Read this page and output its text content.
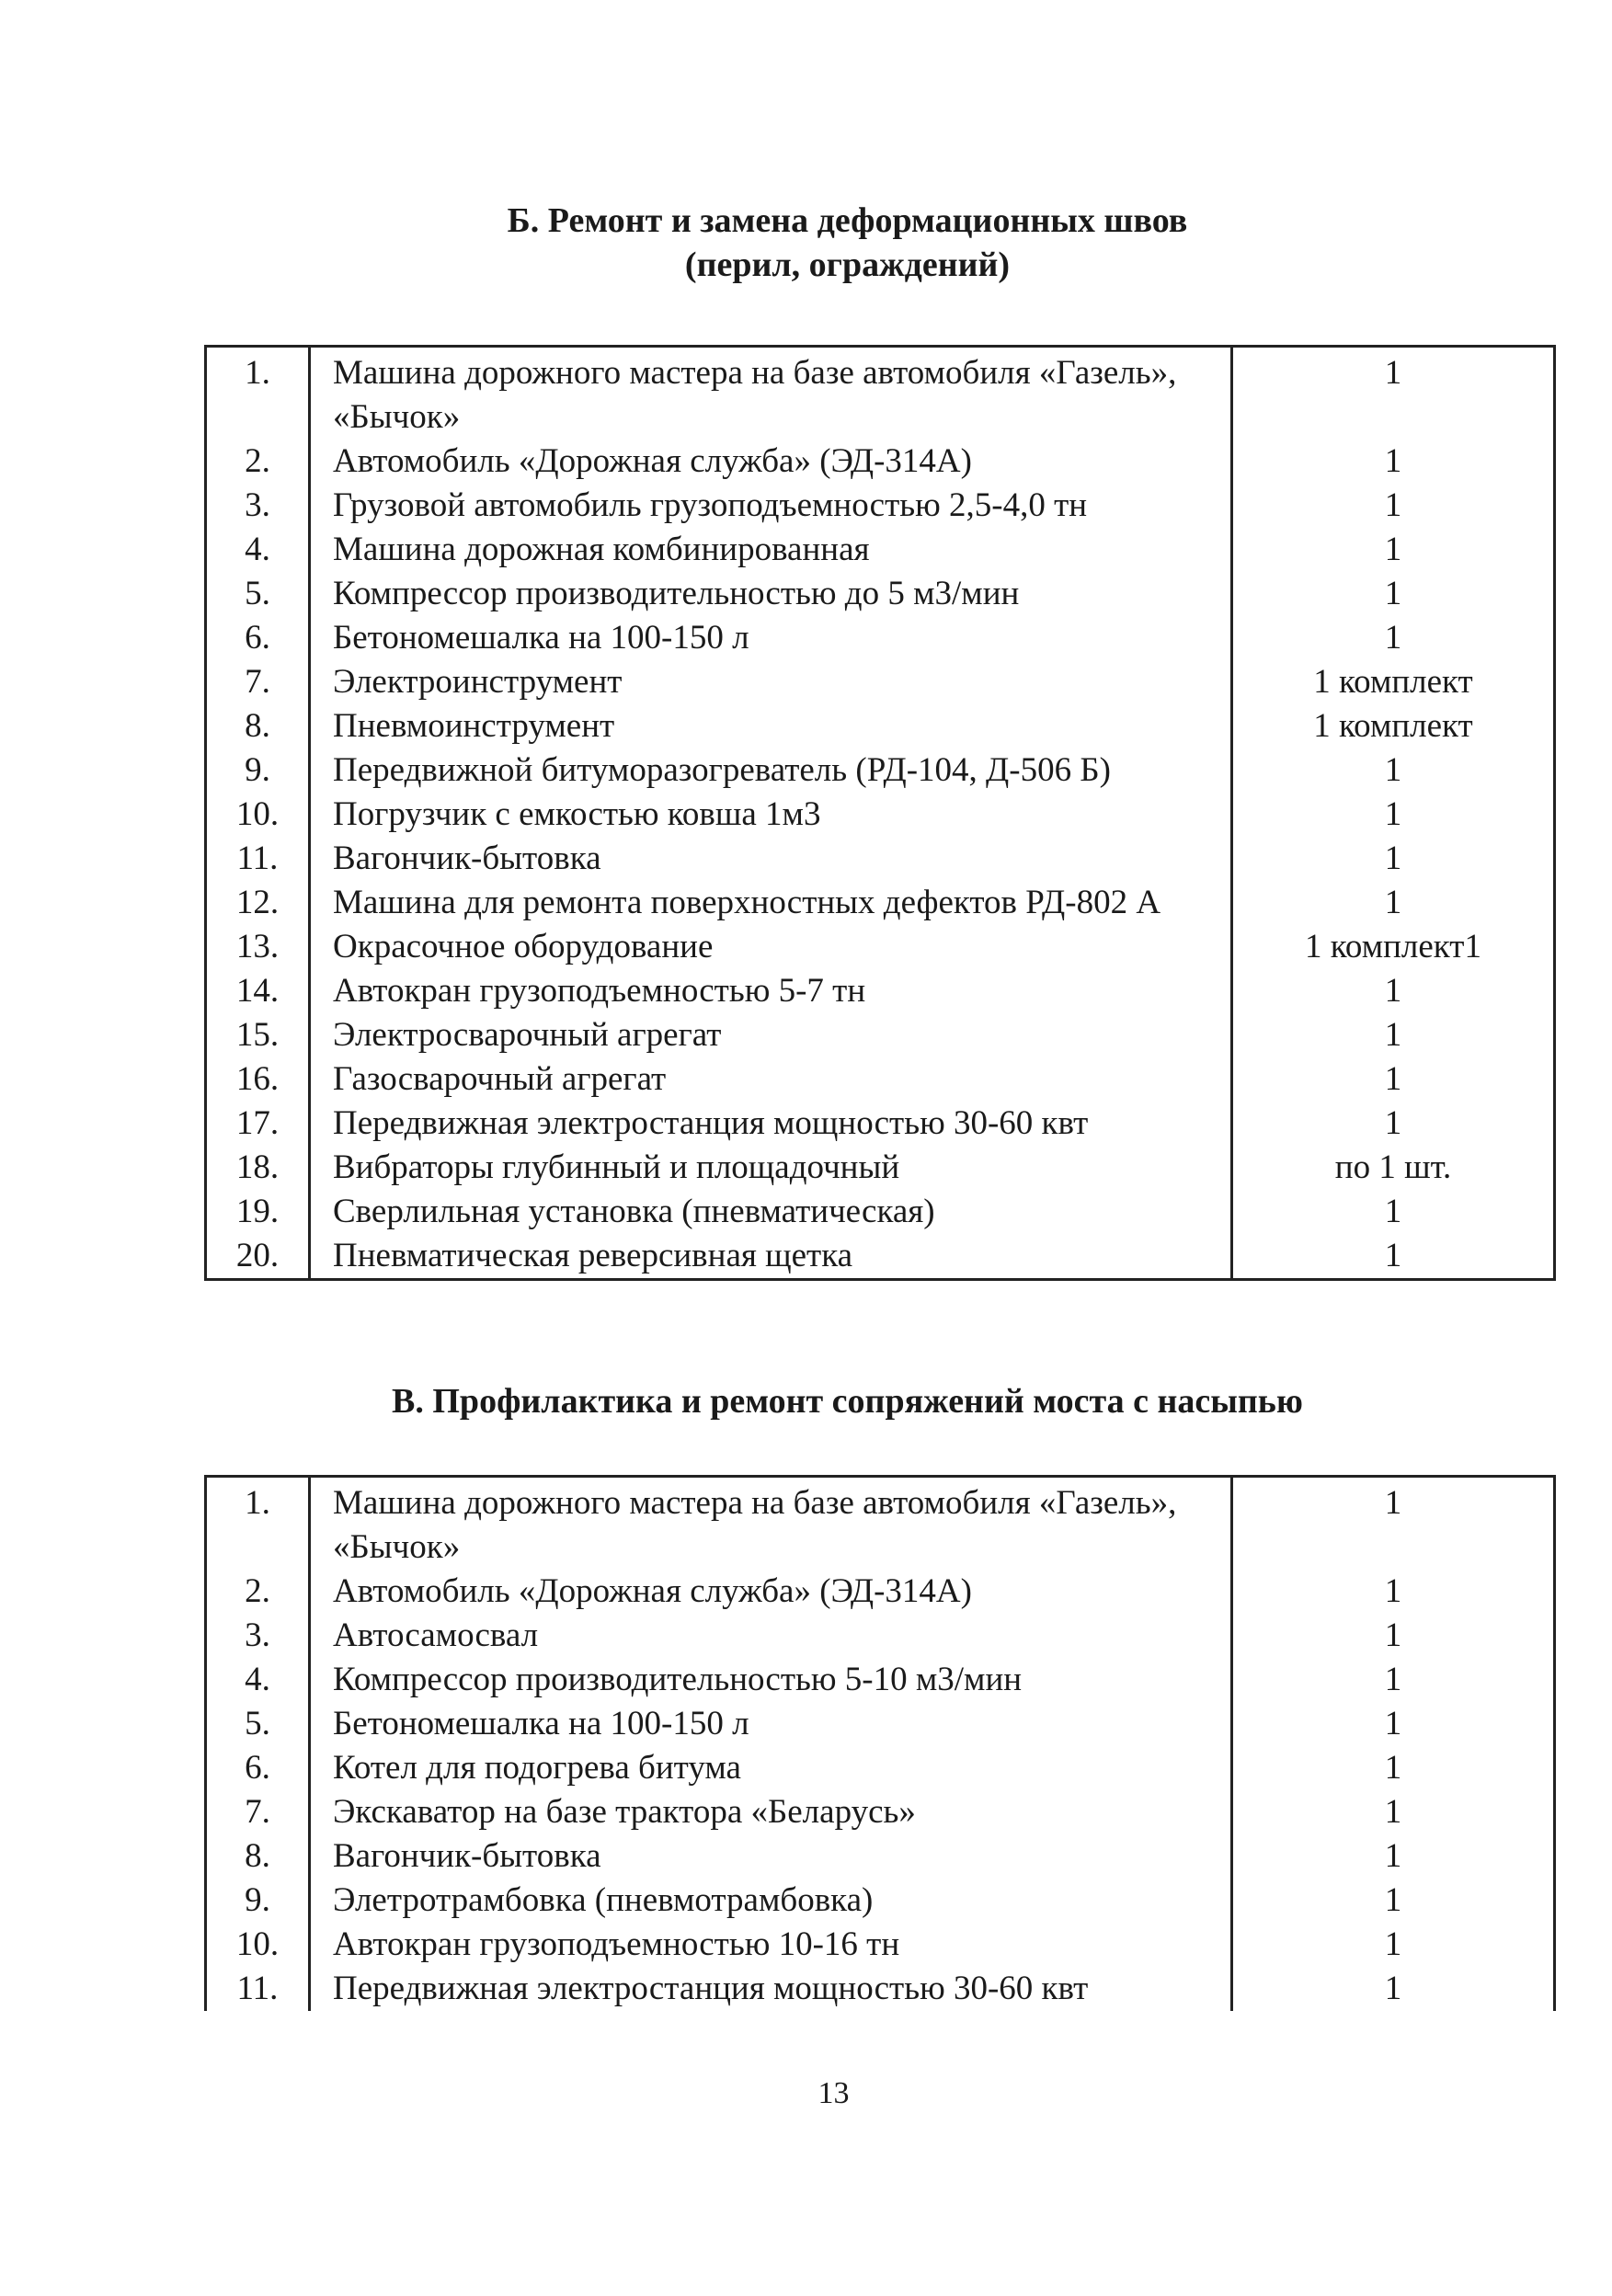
Б. Ремонт и замена деформационных швов
(перил, ограждений)
1.	Машина дорожного мастера на базе автомобиля «Газель», «Бычок»	1
2.	Автомобиль «Дорожная служба» (ЭД-314А)	1
3.	Грузовой автомобиль грузоподъемностью 2,5-4,0 тн	1
4.	Машина дорожная комбинированная	1
5.	Компрессор производительностью до 5 м3/мин	1
6.	Бетономешалка на 100-150 л	1
7.	Электроинструмент	1 комплект
8.	Пневмоинструмент	1 комплект
9.	Передвижной битуморазогреватель (РД-104, Д-506 Б)	1
10.	Погрузчик с емкостью ковша 1м3	1
11.	Вагончик-бытовка	1
12.	Машина для ремонта поверхностных дефектов РД-802 А	1
13.	Окрасочное оборудование	1 комплект1
14.	Автокран грузоподъемностью 5-7 тн	1
15.	Электросварочный агрегат	1
16.	Газосварочный агрегат	1
17.	Передвижная электростанция мощностью 30-60 квт	1
18.	Вибраторы глубинный и площадочный	по 1 шт.
19.	Сверлильная установка (пневматическая)	1
20.	Пневматическая реверсивная щетка	1
В. Профилактика и ремонт сопряжений моста с насыпью
1.	Машина дорожного мастера на базе автомобиля «Газель», «Бычок»	1
2.	Автомобиль «Дорожная служба» (ЭД-314А)	1
3.	Автосамосвал	1
4.	Компрессор производительностью 5-10 м3/мин	1
5.	Бетономешалка на 100-150 л	1
6.	Котел для подогрева битума	1
7.	Экскаватор на базе трактора «Беларусь»	1
8.	Вагончик-бытовка	1
9.	Элетротрамбовка (пневмотрамбовка)	1
10.	Автокран грузоподъемностью 10-16 тн	1
11.	Передвижная электростанция мощностью 30-60 квт	1
13
